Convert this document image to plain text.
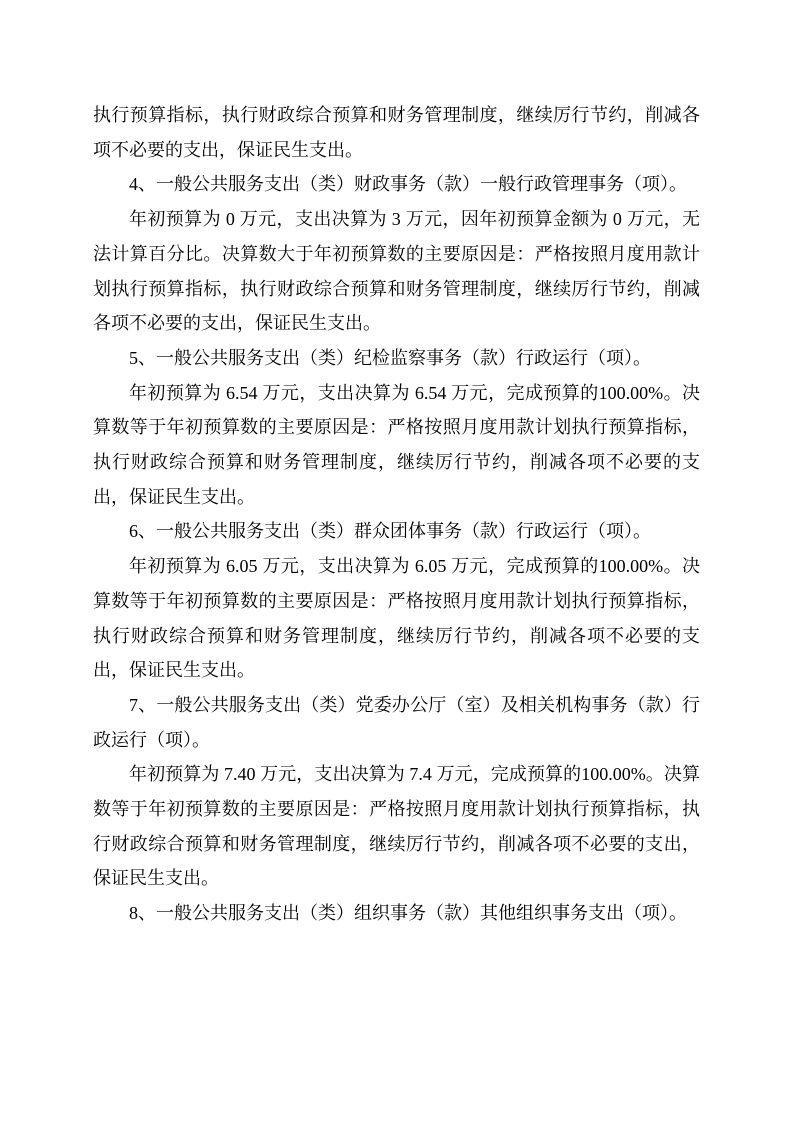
执行预算指标，执行财政综合预算和财务管理制度，继续厉行节约，削减各项不必要的支出，保证民生支出。

4、一般公共服务支出（类）财政事务（款）一般行政管理事务（项）。

年初预算为 0 万元，支出决算为 3 万元，因年初预算金额为 0 万元，无法计算百分比。决算数大于年初预算数的主要原因是：严格按照月度用款计划执行预算指标，执行财政综合预算和财务管理制度，继续厉行节约，削减各项不必要的支出，保证民生支出。

5、一般公共服务支出（类）纪检监察事务（款）行政运行（项）。

年初预算为 6.54 万元，支出决算为 6.54 万元，完成预算的100.00%。决算数等于年初预算数的主要原因是：严格按照月度用款计划执行预算指标，执行财政综合预算和财务管理制度，继续厉行节约，削减各项不必要的支出，保证民生支出。

6、一般公共服务支出（类）群众团体事务（款）行政运行（项）。

年初预算为 6.05 万元，支出决算为 6.05 万元，完成预算的100.00%。决算数等于年初预算数的主要原因是：严格按照月度用款计划执行预算指标，执行财政综合预算和财务管理制度，继续厉行节约，削减各项不必要的支出，保证民生支出。

7、一般公共服务支出（类）党委办公厅（室）及相关机构事务（款）行政运行（项）。

年初预算为 7.40 万元，支出决算为 7.4 万元，完成预算的100.00%。决算数等于年初预算数的主要原因是：严格按照月度用款计划执行预算指标，执行财政综合预算和财务管理制度，继续厉行节约，削减各项不必要的支出，保证民生支出。

8、一般公共服务支出（类）组织事务（款）其他组织事务支出（项）。
